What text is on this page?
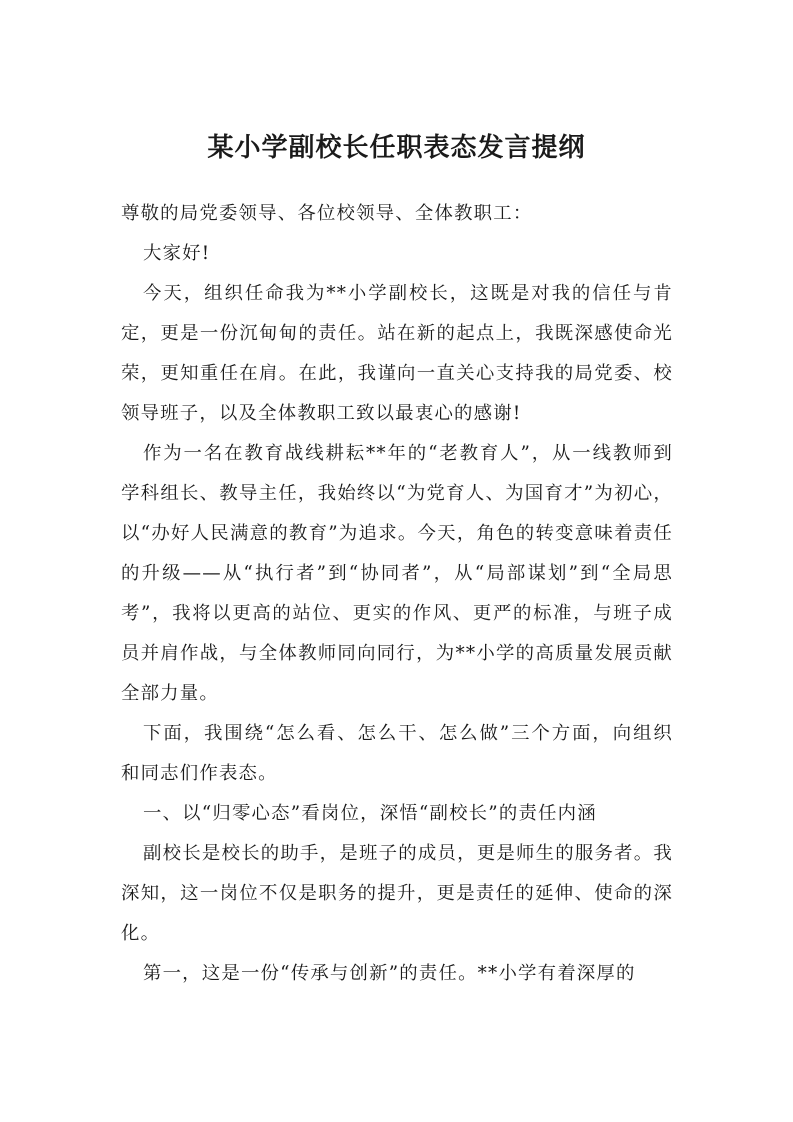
某小学副校长任职表态发言提纲

尊敬的局党委领导、各位校领导、全体教职工：

大家好!

今天，组织任命我为**小学副校长，这既是对我的信任与肯定，更是一份沉甸甸的责任。站在新的起点上，我既深感使命光荣，更知重任在肩。在此，我谨向一直关心支持我的局党委、校领导班子，以及全体教职工致以最衷心的感谢!

作为一名在教育战线耕耘**年的“老教育人”，从一线教师到学科组长、教导主任，我始终以“为党育人、为国育才”为初心，以“办好人民满意的教育”为追求。今天，角色的转变意味着责任的升级——从“执行者”到“协同者”，从“局部谋划”到“全局思考”，我将以更高的站位、更实的作风、更严的标准，与班子成员并肩作战，与全体教师同向同行，为**小学的高质量发展贡献全部力量。

下面，我围绕“怎么看、怎么干、怎么做”三个方面，向组织和同志们作表态。

一、以“归零心态”看岗位，深悟“副校长”的责任内涵

副校长是校长的助手，是班子的成员，更是师生的服务者。我深知，这一岗位不仅是职务的提升，更是责任的延伸、使命的深化。

第一，这是一份“传承与创新”的责任。**小学有着深厚的
